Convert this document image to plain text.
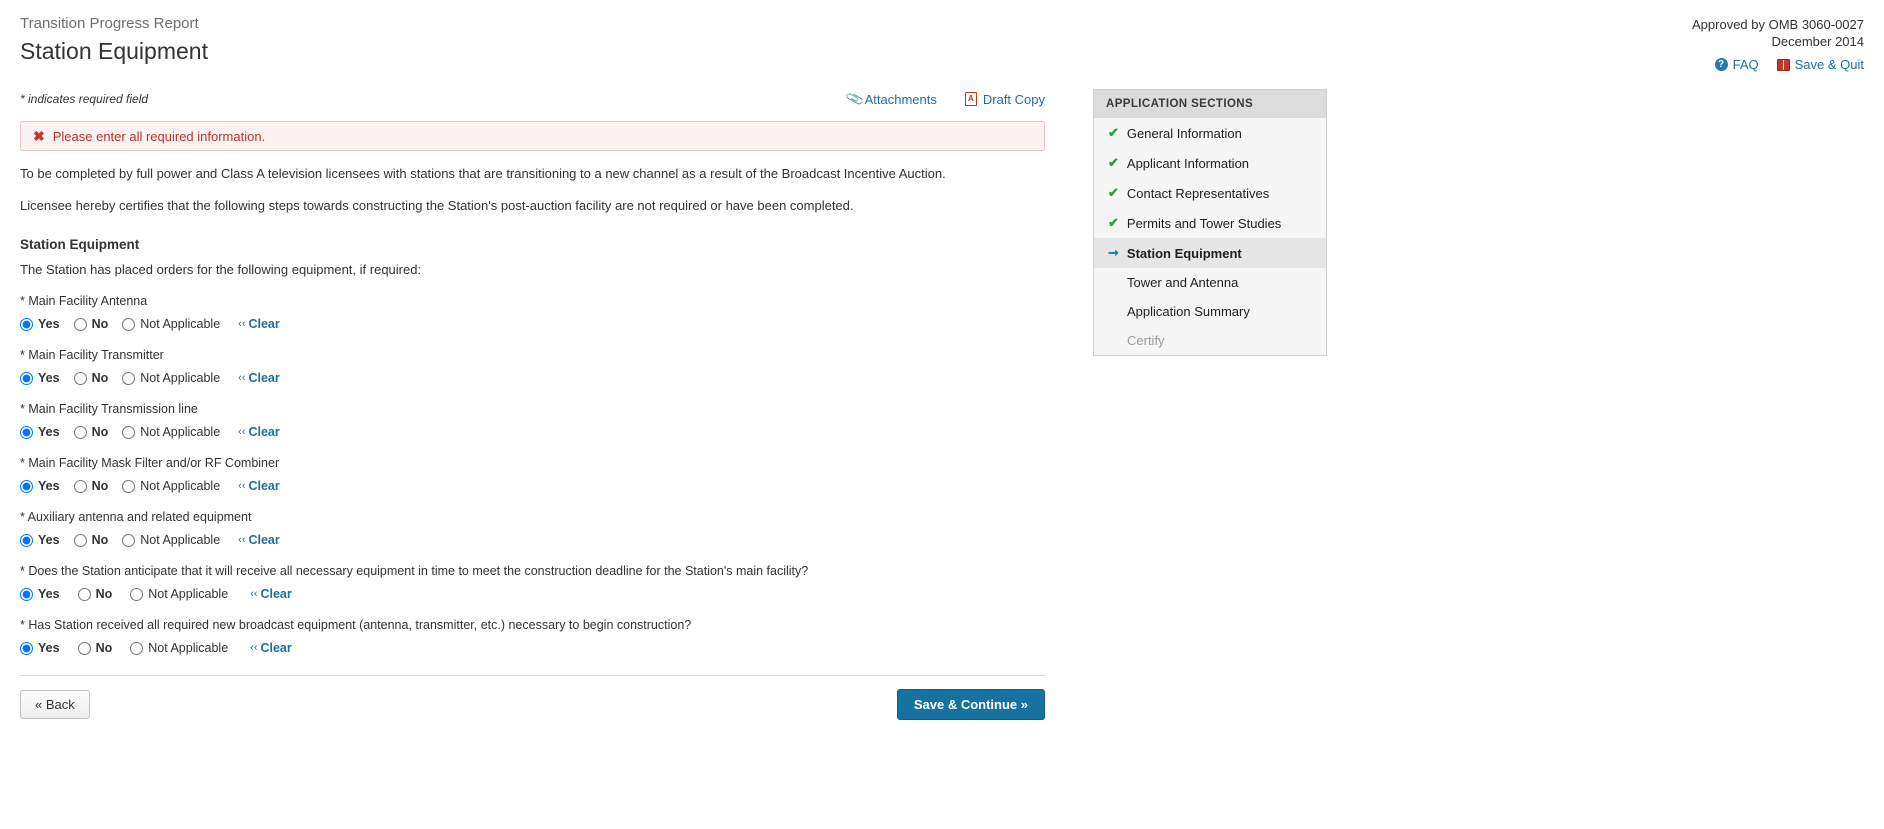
Transition Progress Report
Station Equipment
Approved by OMB 3060-0027
December 2014
? FAQ	Save & Quit
* indicates required field	📎 Attachments	A Draft Copy
✖ Please enter all required information.
To be completed by full power and Class A television licensees with stations that are transitioning to a new channel as a result of the Broadcast Incentive Auction.
Licensee hereby certifies that the following steps towards constructing the Station's post-auction facility are not required or have been completed.
Station Equipment
The Station has placed orders for the following equipment, if required:
* Main Facility Antenna
Yes	No	Not Applicable ‹‹ Clear
* Main Facility Transmitter
Yes	No	Not Applicable ‹‹ Clear
* Main Facility Transmission line
Yes	No	Not Applicable ‹‹ Clear
* Main Facility Mask Filter and/or RF Combiner
Yes	No	Not Applicable ‹‹ Clear
* Auxiliary antenna and related equipment
Yes	No	Not Applicable ‹‹ Clear
* Does the Station anticipate that it will receive all necessary equipment in time to meet the construction deadline for the Station's main facility?
Yes	No	Not Applicable ‹‹ Clear
* Has Station received all required new broadcast equipment (antenna, transmitter, etc.) necessary to begin construction?
Yes	No	Not Applicable ‹‹ Clear
« Back	Save & Continue »
APPLICATION SECTIONS
✔ General Information
✔ Applicant Information
✔ Contact Representatives
✔ Permits and Tower Studies
➞ Station Equipment
Tower and Antenna
Application Summary
Certify
